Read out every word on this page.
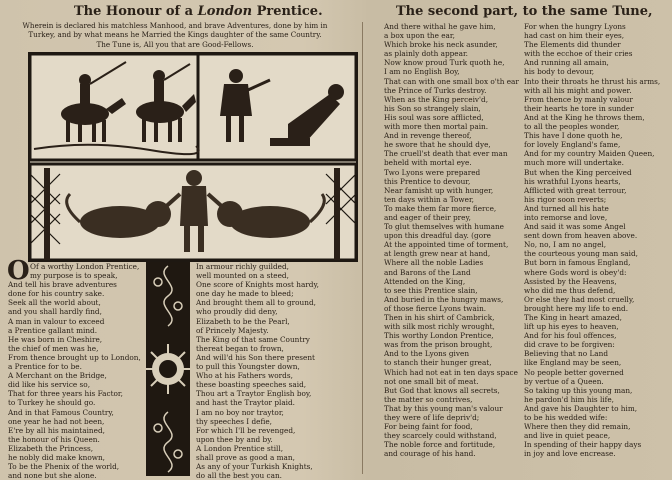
The Honour of a London Prentice.
Wherein is declared his matchless Manhood, and brave Adventures, done by him in
Turkey, and by what means he Married the Kings daughter of the same Country.
The Tune is, All you that are Good-Fellows.
O Of a worthy London Prentice,
my purpose is to speak,
And tell his brave adventures
done for his country sake.
Seek all the world about,
and you shall hardly find,
A man in valour to exceed
a Prentice gallant mind.
He was born in Cheshire,
the chief of men was he,
From thence brought up to London,
a Prentice for to be.
A Merchant on the Bridge,
did like his service so,
That for three years his Factor,
to Turkey he should go.
And in that Famous Country,
one year he had not been,
E're by all his maintained,
the honour of his Queen.
Elizabeth the Princess,
he nobly did make known,
To be the Phenix of the world,
and none but she alone.
In armour richly guilded,
well mounted on a steed,
One score of Knights most hardy,
one day he made to bleed;
And brought them all to ground,
who proudly did deny,
Elizabeth to be the Pearl,
of Princely Majesty.
The King of that same Country
thereat began to frown,
And will'd his Son there present
to pull this Youngster down,
Who at his Fathers words,
these boasting speeches said,
Thou art a Traytor English boy,
and hast the Traytor plaid.
I am no boy nor traytor,
thy speeches I defie,
For which I'll be revenged,
upon thee by and by.
A London Prentice still,
shall prove as good a man,
As any of your Turkish Knights,
do all the best you can.
The second part, to the same Tune,
And there withal he gave him,
a box upon the ear,
Which broke his neck asunder,
as plainly doth appear.
Now know proud Turk quoth he,
I am no English Boy,
That can with one small box o'th ear
the Prince of Turks destroy.
When as the King perceiv'd,
his Son so strangely slain,
His soul was sore afflicted,
with more then mortal pain.
And in revenge thereof,
he swore that he should dye,
The cruell'st death that ever man
beheld with mortal eye.
Two Lyons were prepared
this Prentice to devour,
Near famisht up with hunger,
ten days within a Tower,
To make them far more fierce,
and eager of their prey,
To glut themselves with humane
upon this dreadful day. (gore
At the appointed time of torment,
at length grew near at hand,
Where all the noble Ladies
and Barons of the Land
Attended on the King,
to see this Prentice slain,
And buried in the hungry maws,
of those fierce Lyons twain.
Then in his shirt of Cambrick,
with silk most richly wrought,
This worthy London Prentice,
was from the prison brought,
And to the Lyons given
to stanch their hunger great,
Which had not eat in ten days space
not one small bit of meat.
But God that knows all secrets,
the matter so contrives,
That by this young man's valour
they were of life depriv'd;
For being faint for food,
they scarcely could withstand,
The noble force and fortitude,
and courage of his hand.
For when the hungry Lyons
had cast on him their eyes,
The Elements did thunder
with the ecchoe of their cries
And running all amain,
his body to devour,
Into their throats he thrust his arms,
with all his might and power.
From thence by manly valour
their hearts he tore in sunder
And at the King he throws them,
to all the peoples wonder,
This have I done quoth he,
for lovely England's fame,
And for my country Maiden Queen,
much more will undertake.
But when the King perceived
his wrathful Lyons hearts,
Afflicted with great terrour,
his rigor soon reverts;
And turned all his hate
into remorse and love,
And said it was some Angel
sent down from heaven above.
No, no, I am no angel,
the courteous young man said,
But born in famous England,
where Gods word is obey'd:
Assisted by the Heavens,
who did me thus defend,
Or else they had most cruelly,
brought here my life to end.
The King in heart amazed,
lift up his eyes to heaven,
And for his foul offences,
did crave to be forgiven:
Believing that no Land
like England may be seen,
No people better governed
by vertue of a Queen.
So taking up this young man,
he pardon'd him his life,
And gave his Daughter to him,
to be his wedded wife:
Where then they did remain,
and live in quiet peace,
In spending of their happy days
in joy and love encrease.
